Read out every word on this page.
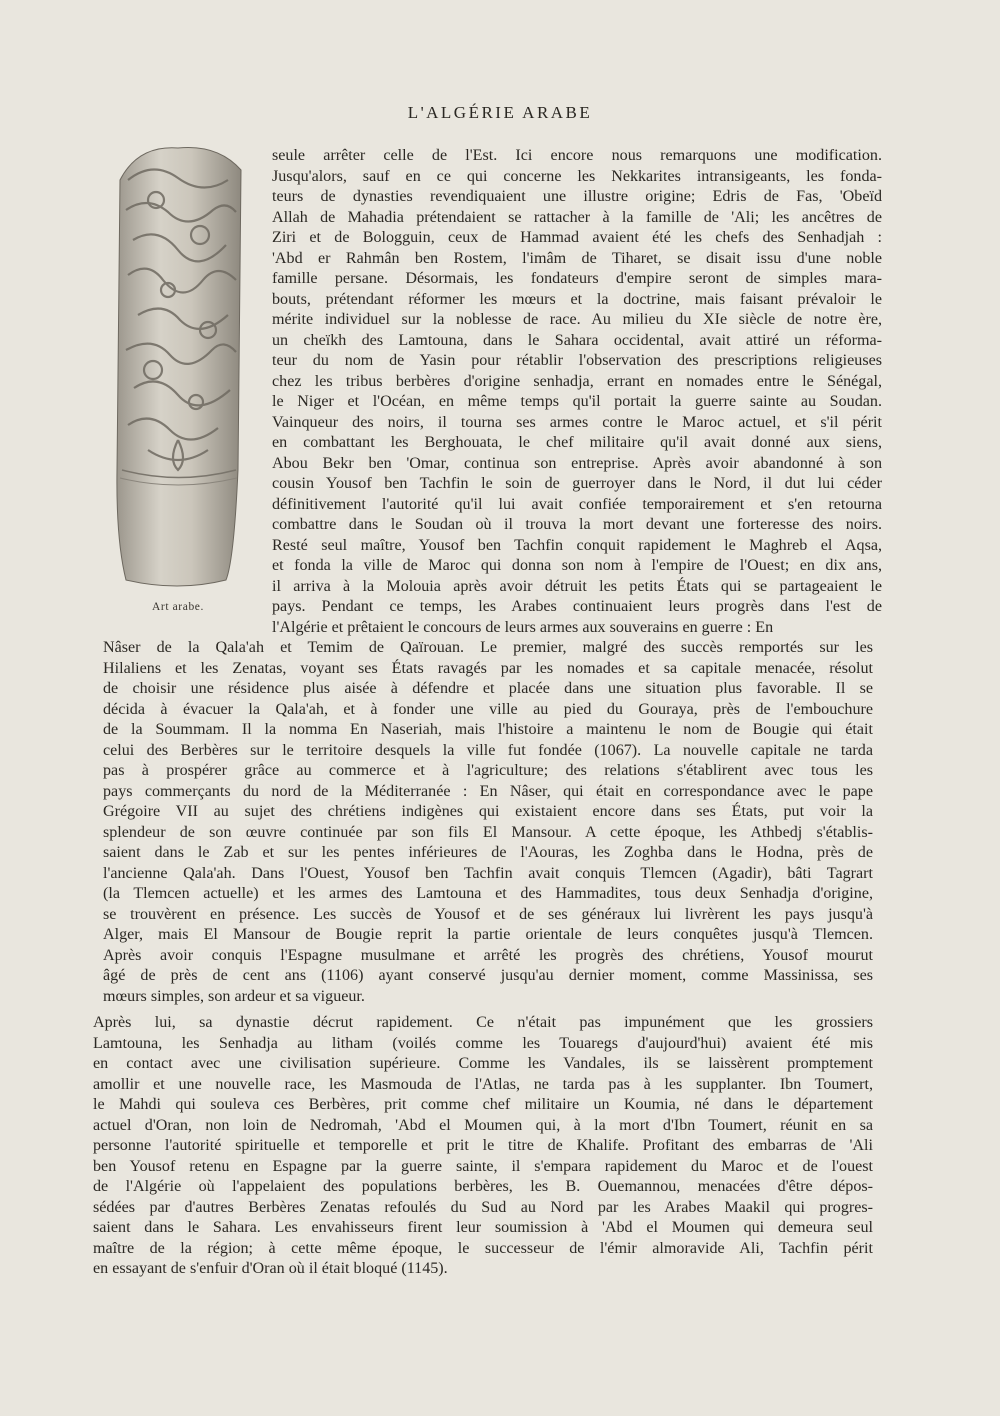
L'ALGÉRIE ARABE
Art arabe.
seule arrêter celle de l'Est. Ici encore nous remarquons une modification.
Jusqu'alors, sauf en ce qui concerne les Nekkarites intransigeants, les fonda-
teurs de dynasties revendiquaient une illustre origine; Edris de Fas, 'Obeïd
Allah de Mahadia prétendaient se rattacher à la famille de 'Ali; les ancêtres de
Ziri et de Bologguin, ceux de Hammad avaient été les chefs des Senhadjah :
'Abd er Rahmân ben Rostem, l'imâm de Tiharet, se disait issu d'une noble
famille persane. Désormais, les fondateurs d'empire seront de simples mara-
bouts, prétendant réformer les mœurs et la doctrine, mais faisant prévaloir le
mérite individuel sur la noblesse de race. Au milieu du XIe siècle de notre ère,
un cheïkh des Lamtouna, dans le Sahara occidental, avait attiré un réforma-
teur du nom de Yasin pour rétablir l'observation des prescriptions religieuses
chez les tribus berbères d'origine senhadja, errant en nomades entre le Sénégal,
le Niger et l'Océan, en même temps qu'il portait la guerre sainte au Soudan.
Vainqueur des noirs, il tourna ses armes contre le Maroc actuel, et s'il périt
en combattant les Berghouata, le chef militaire qu'il avait donné aux siens,
Abou Bekr ben 'Omar, continua son entreprise. Après avoir abandonné à son
cousin Yousof ben Tachfin le soin de guerroyer dans le Nord, il dut lui céder
définitivement l'autorité qu'il lui avait confiée temporairement et s'en retourna
combattre dans le Soudan où il trouva la mort devant une forteresse des noirs.
Resté seul maître, Yousof ben Tachfin conquit rapidement le Maghreb el Aqsa,
et fonda la ville de Maroc qui donna son nom à l'empire de l'Ouest; en dix ans,
il arriva à la Molouia après avoir détruit les petits États qui se partageaient le
pays. Pendant ce temps, les Arabes continuaient leurs progrès dans l'est de
l'Algérie et prêtaient le concours de leurs armes aux souverains en guerre : En
Nâser de la Qala'ah et Temim de Qaïrouan. Le premier, malgré des succès remportés sur les
Hilaliens et les Zenatas, voyant ses États ravagés par les nomades et sa capitale menacée, résolut
de choisir une résidence plus aisée à défendre et placée dans une situation plus favorable. Il se
décida à évacuer la Qala'ah, et à fonder une ville au pied du Gouraya, près de l'embouchure
de la Soummam. Il la nomma En Naseriah, mais l'histoire a maintenu le nom de Bougie qui était
celui des Berbères sur le territoire desquels la ville fut fondée (1067). La nouvelle capitale ne tarda
pas à prospérer grâce au commerce et à l'agriculture; des relations s'établirent avec tous les
pays commerçants du nord de la Méditerranée : En Nâser, qui était en correspondance avec le pape
Grégoire VII au sujet des chrétiens indigènes qui existaient encore dans ses États, put voir la
splendeur de son œuvre continuée par son fils El Mansour. A cette époque, les Athbedj s'établis-
saient dans le Zab et sur les pentes inférieures de l'Aouras, les Zoghba dans le Hodna, près de
l'ancienne Qala'ah. Dans l'Ouest, Yousof ben Tachfin avait conquis Tlemcen (Agadir), bâti Tagrart
(la Tlemcen actuelle) et les armes des Lamtouna et des Hammadites, tous deux Senhadja d'origine,
se trouvèrent en présence. Les succès de Yousof et de ses généraux lui livrèrent les pays jusqu'à
Alger, mais El Mansour de Bougie reprit la partie orientale de leurs conquêtes jusqu'à Tlemcen.
Après avoir conquis l'Espagne musulmane et arrêté les progrès des chrétiens, Yousof mourut
âgé de près de cent ans (1106) ayant conservé jusqu'au dernier moment, comme Massinissa, ses
mœurs simples, son ardeur et sa vigueur.
Après lui, sa dynastie décrut rapidement. Ce n'était pas impunément que les grossiers
Lamtouna, les Senhadja au litham (voilés comme les Touaregs d'aujourd'hui) avaient été mis
en contact avec une civilisation supérieure. Comme les Vandales, ils se laissèrent promptement
amollir et une nouvelle race, les Masmouda de l'Atlas, ne tarda pas à les supplanter. Ibn Toumert,
le Mahdi qui souleva ces Berbères, prit comme chef militaire un Koumia, né dans le département
actuel d'Oran, non loin de Nedromah, 'Abd el Moumen qui, à la mort d'Ibn Toumert, réunit en sa
personne l'autorité spirituelle et temporelle et prit le titre de Khalife. Profitant des embarras de 'Ali
ben Yousof retenu en Espagne par la guerre sainte, il s'empara rapidement du Maroc et de l'ouest
de l'Algérie où l'appelaient des populations berbères, les B. Ouemannou, menacées d'être dépos-
sédées par d'autres Berbères Zenatas refoulés du Sud au Nord par les Arabes Maakil qui progres-
saient dans le Sahara. Les envahisseurs firent leur soumission à 'Abd el Moumen qui demeura seul
maître de la région; à cette même époque, le successeur de l'émir almoravide Ali, Tachfin périt
en essayant de s'enfuir d'Oran où il était bloqué (1145).
